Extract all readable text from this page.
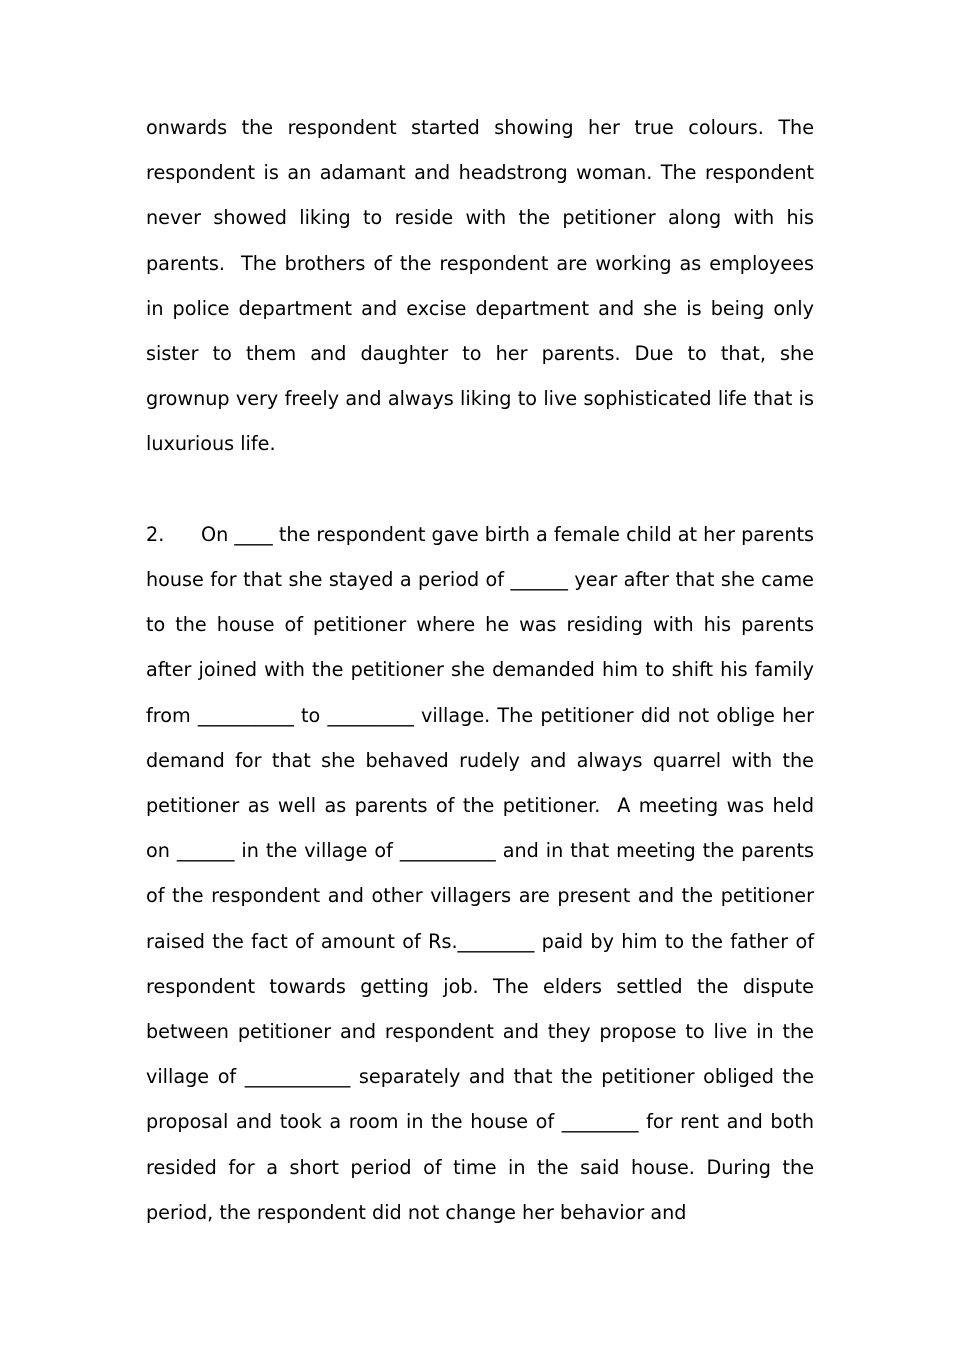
onwards the respondent started showing her true colours. The respondent is an adamant and headstrong woman. The respondent never showed liking to reside with the petitioner along with his parents.  The brothers of the respondent are working as employees in police department and excise department and she is being only sister to them and daughter to her parents. Due to that, she grownup very freely and always liking to live sophisticated life that is luxurious life.

2.      On ____ the respondent gave birth a female child at her parents house for that she stayed a period of ______ year after that she came to the house of petitioner where he was residing with his parents after joined with the petitioner she demanded him to shift his family from __________ to _________ village. The petitioner did not oblige her demand for that she behaved rudely and always quarrel with the petitioner as well as parents of the petitioner.  A meeting was held on ______ in the village of __________ and in that meeting the parents of the respondent and other villagers are present and the petitioner raised the fact of amount of Rs.________ paid by him to the father of respondent towards getting job. The elders settled the dispute between petitioner and respondent and they propose to live in the village of ___________ separately and that the petitioner obliged the proposal and took a room in the house of ________ for rent and both resided for a short period of time in the said house. During the period, the respondent did not change her behavior and
